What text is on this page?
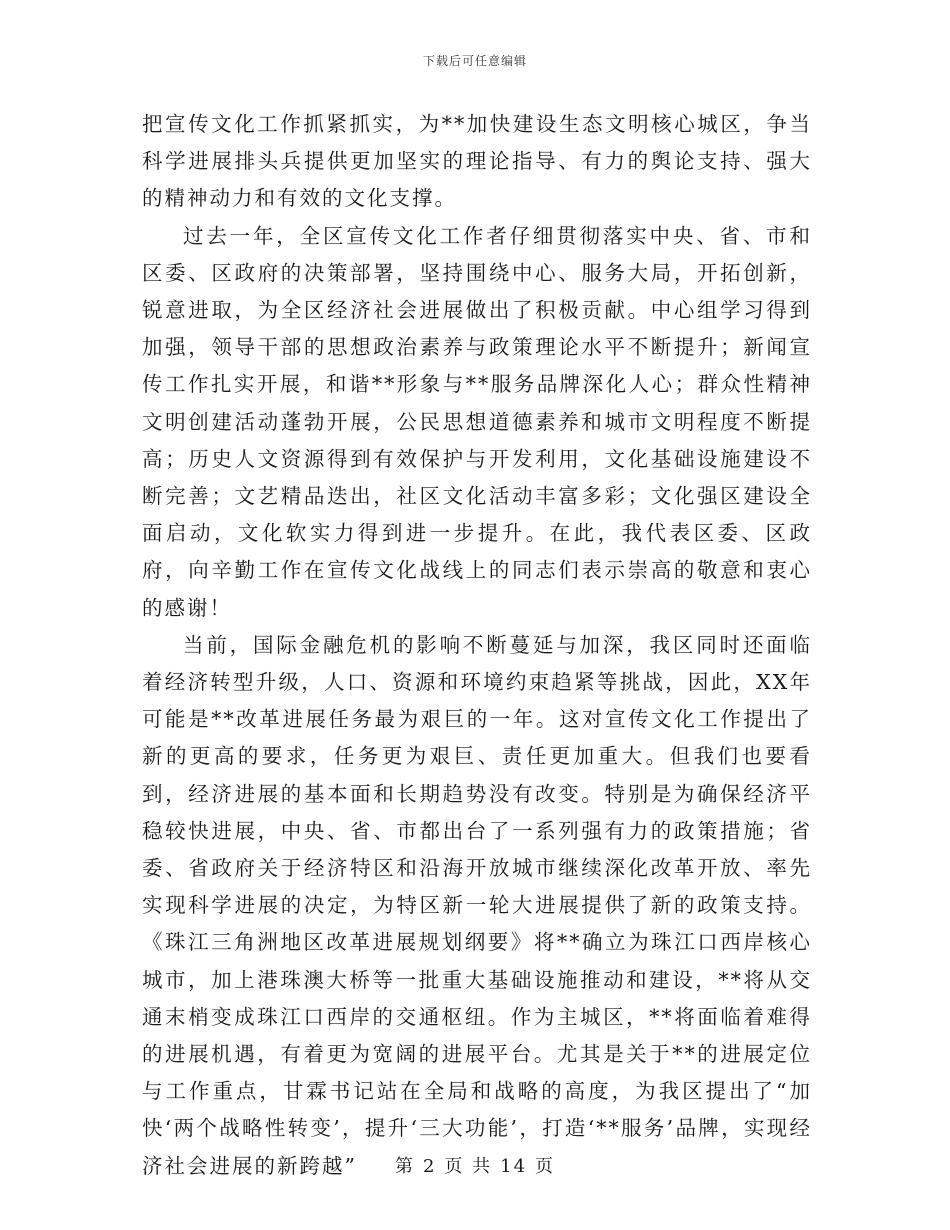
下载后可任意编辑

把宣传文化工作抓紧抓实，为**加快建设生态文明核心城区，争当科学进展排头兵提供更加坚实的理论指导、有力的舆论支持、强大的精神动力和有效的文化支撑。

过去一年，全区宣传文化工作者仔细贯彻落实中央、省、市和区委、区政府的决策部署，坚持围绕中心、服务大局，开拓创新，锐意进取，为全区经济社会进展做出了积极贡献。中心组学习得到加强，领导干部的思想政治素养与政策理论水平不断提升；新闻宣传工作扎实开展，和谐**形象与**服务品牌深化人心；群众性精神文明创建活动蓬勃开展，公民思想道德素养和城市文明程度不断提高；历史人文资源得到有效保护与开发利用，文化基础设施建设不断完善；文艺精品迭出，社区文化活动丰富多彩；文化强区建设全面启动，文化软实力得到进一步提升。在此，我代表区委、区政府，向辛勤工作在宣传文化战线上的同志们表示崇高的敬意和衷心的感谢！

当前，国际金融危机的影响不断蔓延与加深，我区同时还面临着经济转型升级，人口、资源和环境约束趋紧等挑战，因此，XX年可能是**改革进展任务最为艰巨的一年。这对宣传文化工作提出了新的更高的要求，任务更为艰巨、责任更加重大。但我们也要看到，经济进展的基本面和长期趋势没有改变。特别是为确保经济平稳较快进展，中央、省、市都出台了一系列强有力的政策措施；省委、省政府关于经济特区和沿海开放城市继续深化改革开放、率先实现科学进展的决定，为特区新一轮大进展提供了新的政策支持。《珠江三角洲地区改革进展规划纲要》将**确立为珠江口西岸核心城市，加上港珠澳大桥等一批重大基础设施推动和建设，**将从交通末梢变成珠江口西岸的交通枢纽。作为主城区，**将面临着难得的进展机遇，有着更为宽阔的进展平台。尤其是关于**的进展定位与工作重点，甘霖书记站在全局和战略的高度，为我区提出了“加快‘两个战略性转变’，提升‘三大功能’，打造‘**服务’品牌，实现经济社会进展的新跨越”	第 2 页 共 14 页
